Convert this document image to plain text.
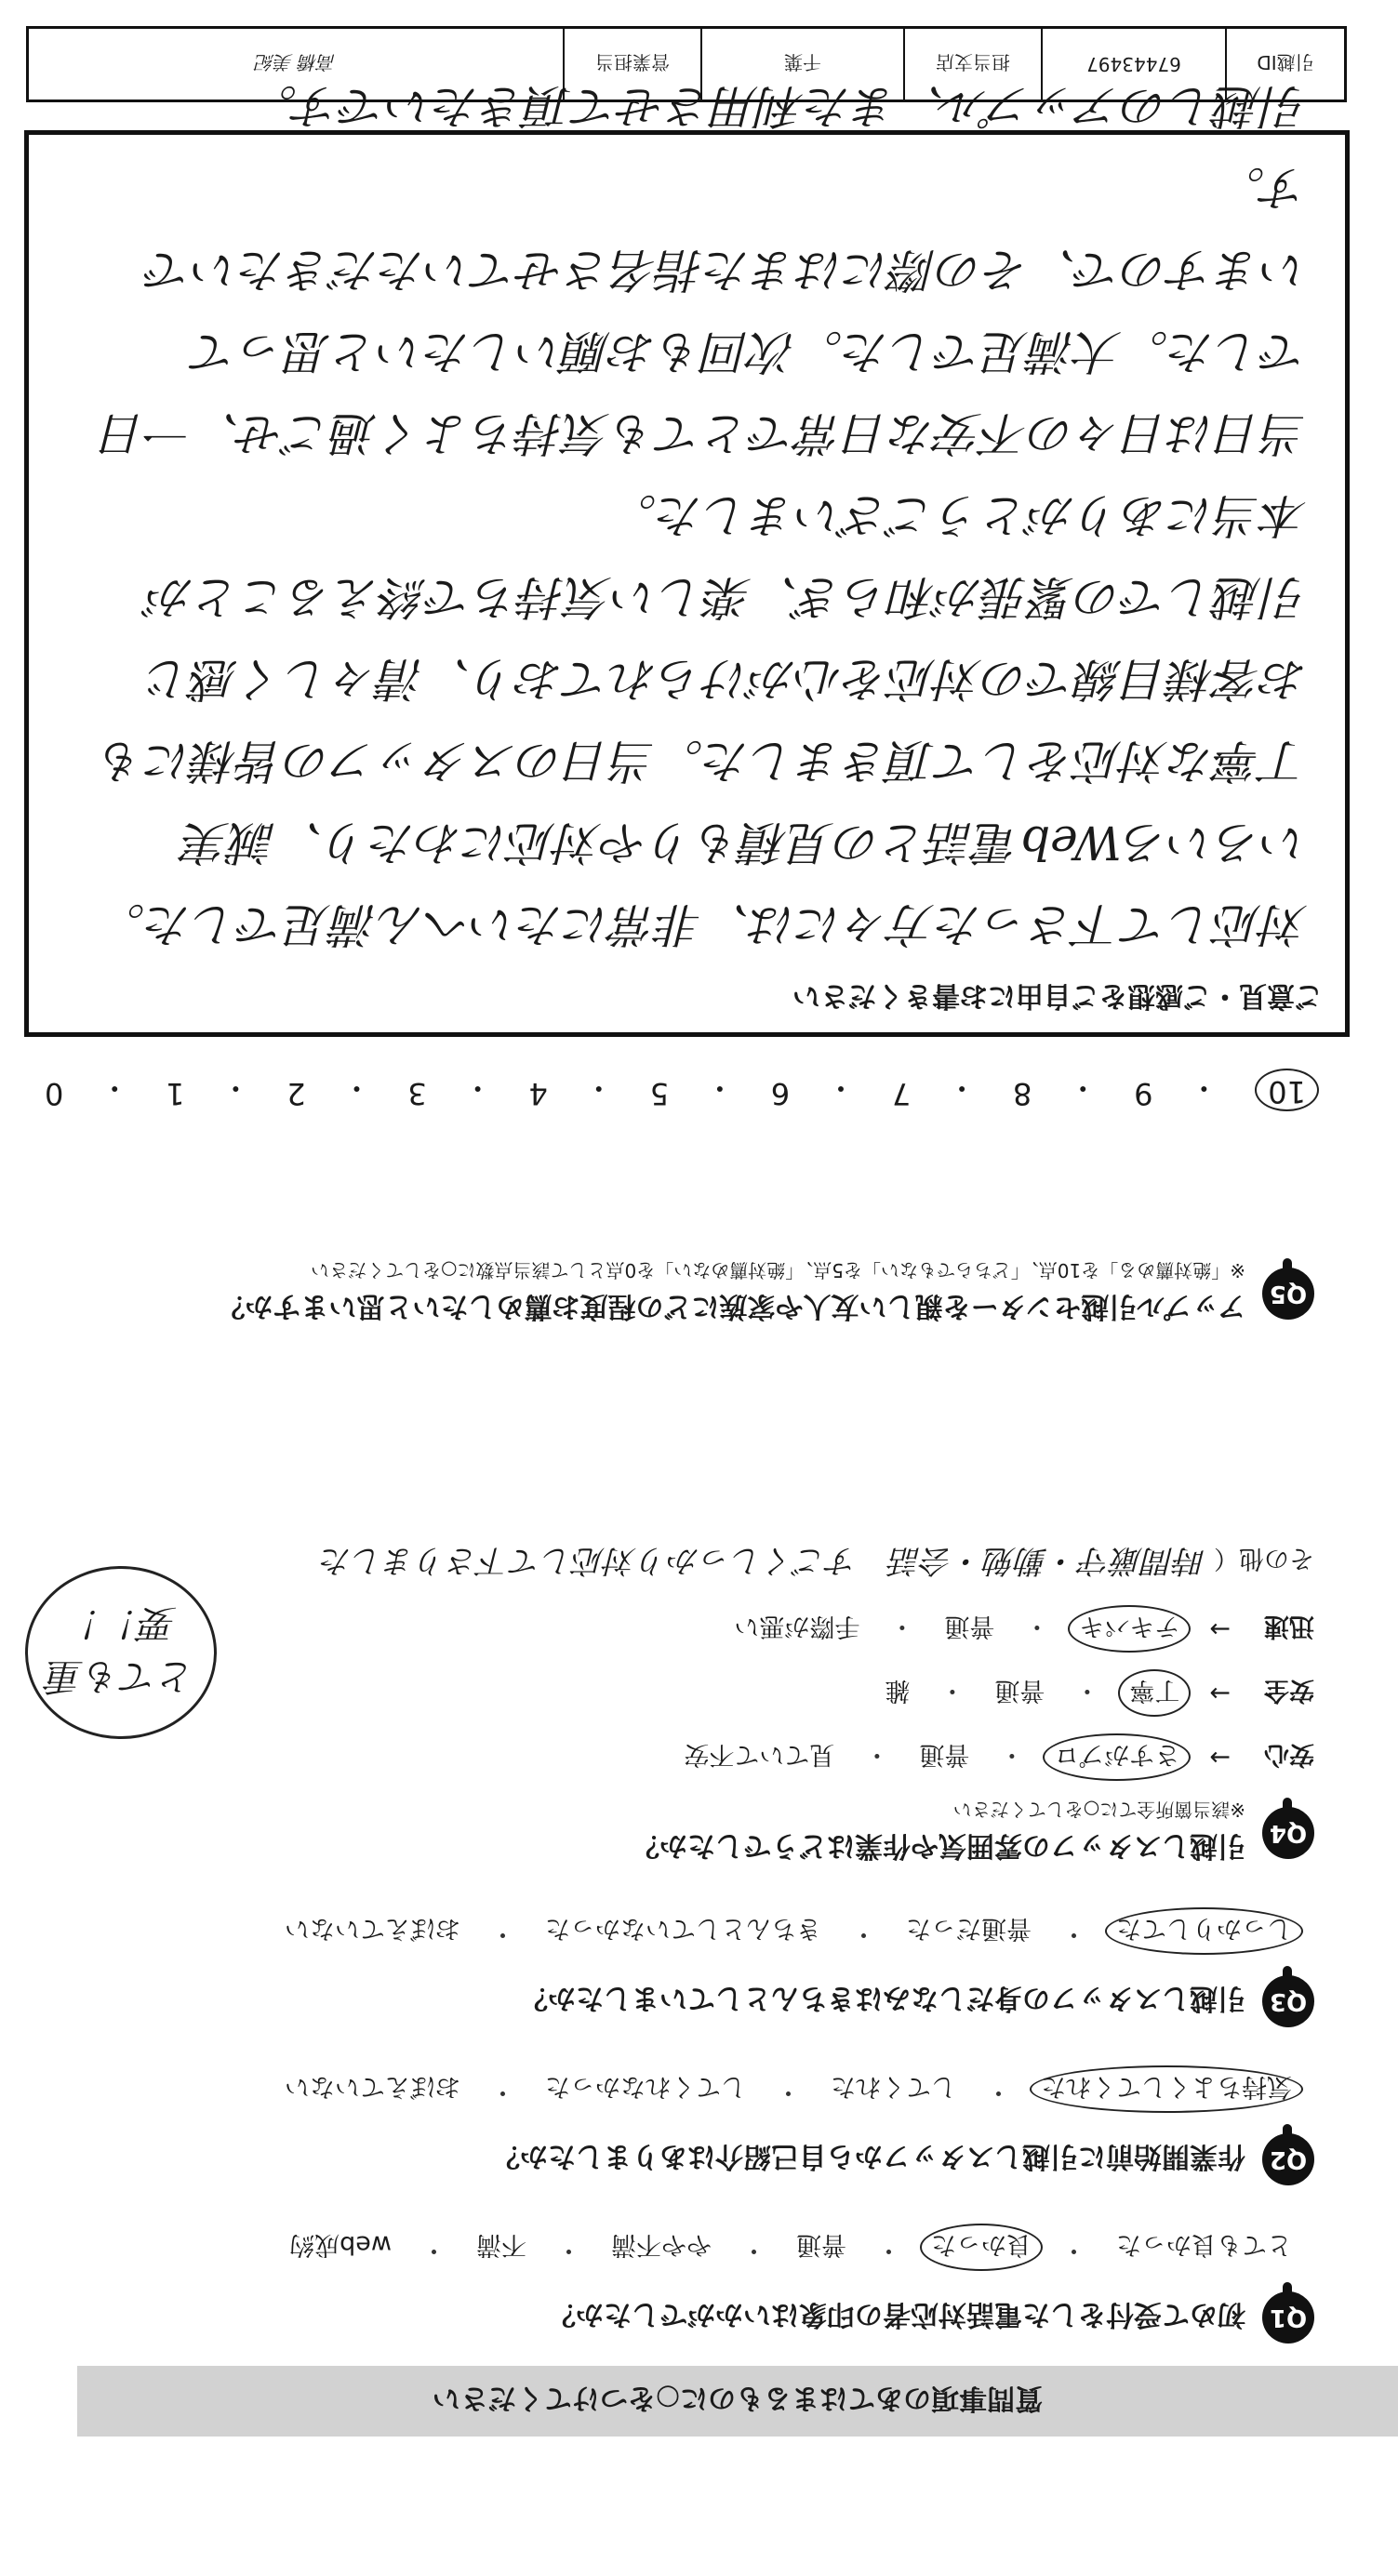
質問事項のあてはまるものに○をつけてください
Q1
初めて受付をした電話対応者の印象はいかがでしたか？
とても良かった
・
良かった
・
普通
・
やや不満
・
不満
・
web成約
Q2
作業開始前に引越しスタッフから自己紹介はありましたか？
気持ちよくしてくれた
・
してくれた
・
してくれなかった
・
おぼえていない
Q3
引越しスタッフの身だしなみはきちんとしていましたか？
しっかりしてた
・
普通だった
・
きちんとしていなかった
・
おぼえていない
Q4
引越しスタッフの雰囲気や作業はどうでしたか？
※該当箇所全てに○をしてください
安心
→
さすがプロ
・
普通
・
見ていて不安
安全
→
丁寧
・
普通
・
雑
迅速
→
テキパキ
・
普通
・
手際が悪い
その他（ 時間厳守・勤勉・会話　すごくしっかり対応して下さりました
とても重要！！
Q5
アップル引越センターを親しい友人や家族にどの程度お薦めしたいと思いますか？
※「絶対薦める」を10点、「どちらでもない」を5点、「絶対薦めない」を0点として該当点数に○をしてください
10
・
9
・
8
・
7
・
6
・
5
・
4
・
3
・
2
・
1
・
0
ご意見・ご感想をご自由にお書きください
対応して下さった方々には、非常にたいへん満足でした。
いろいろWeb電話との見積もりや対応にわたり、誠実
丁寧な対応をして頂きました。当日のスタッフの皆様にも
お客様目線での対応を心がけられており、清々しく感じ
引越しでの緊張が和らぎ、楽しい気持ちで終えることが
本当にありがとうございました。
当日は日々の不安な日常でとても気持ちよく過ごせ、一日
でした。大満足でした。次回もお願いしたいと思って
いますので、その際にはまた指名させていただきたいです。
引越しのアップル、また利用させて頂きたいです。
引越ID
67443497
担当支店
千葉
営業担当
高橋 美紀
